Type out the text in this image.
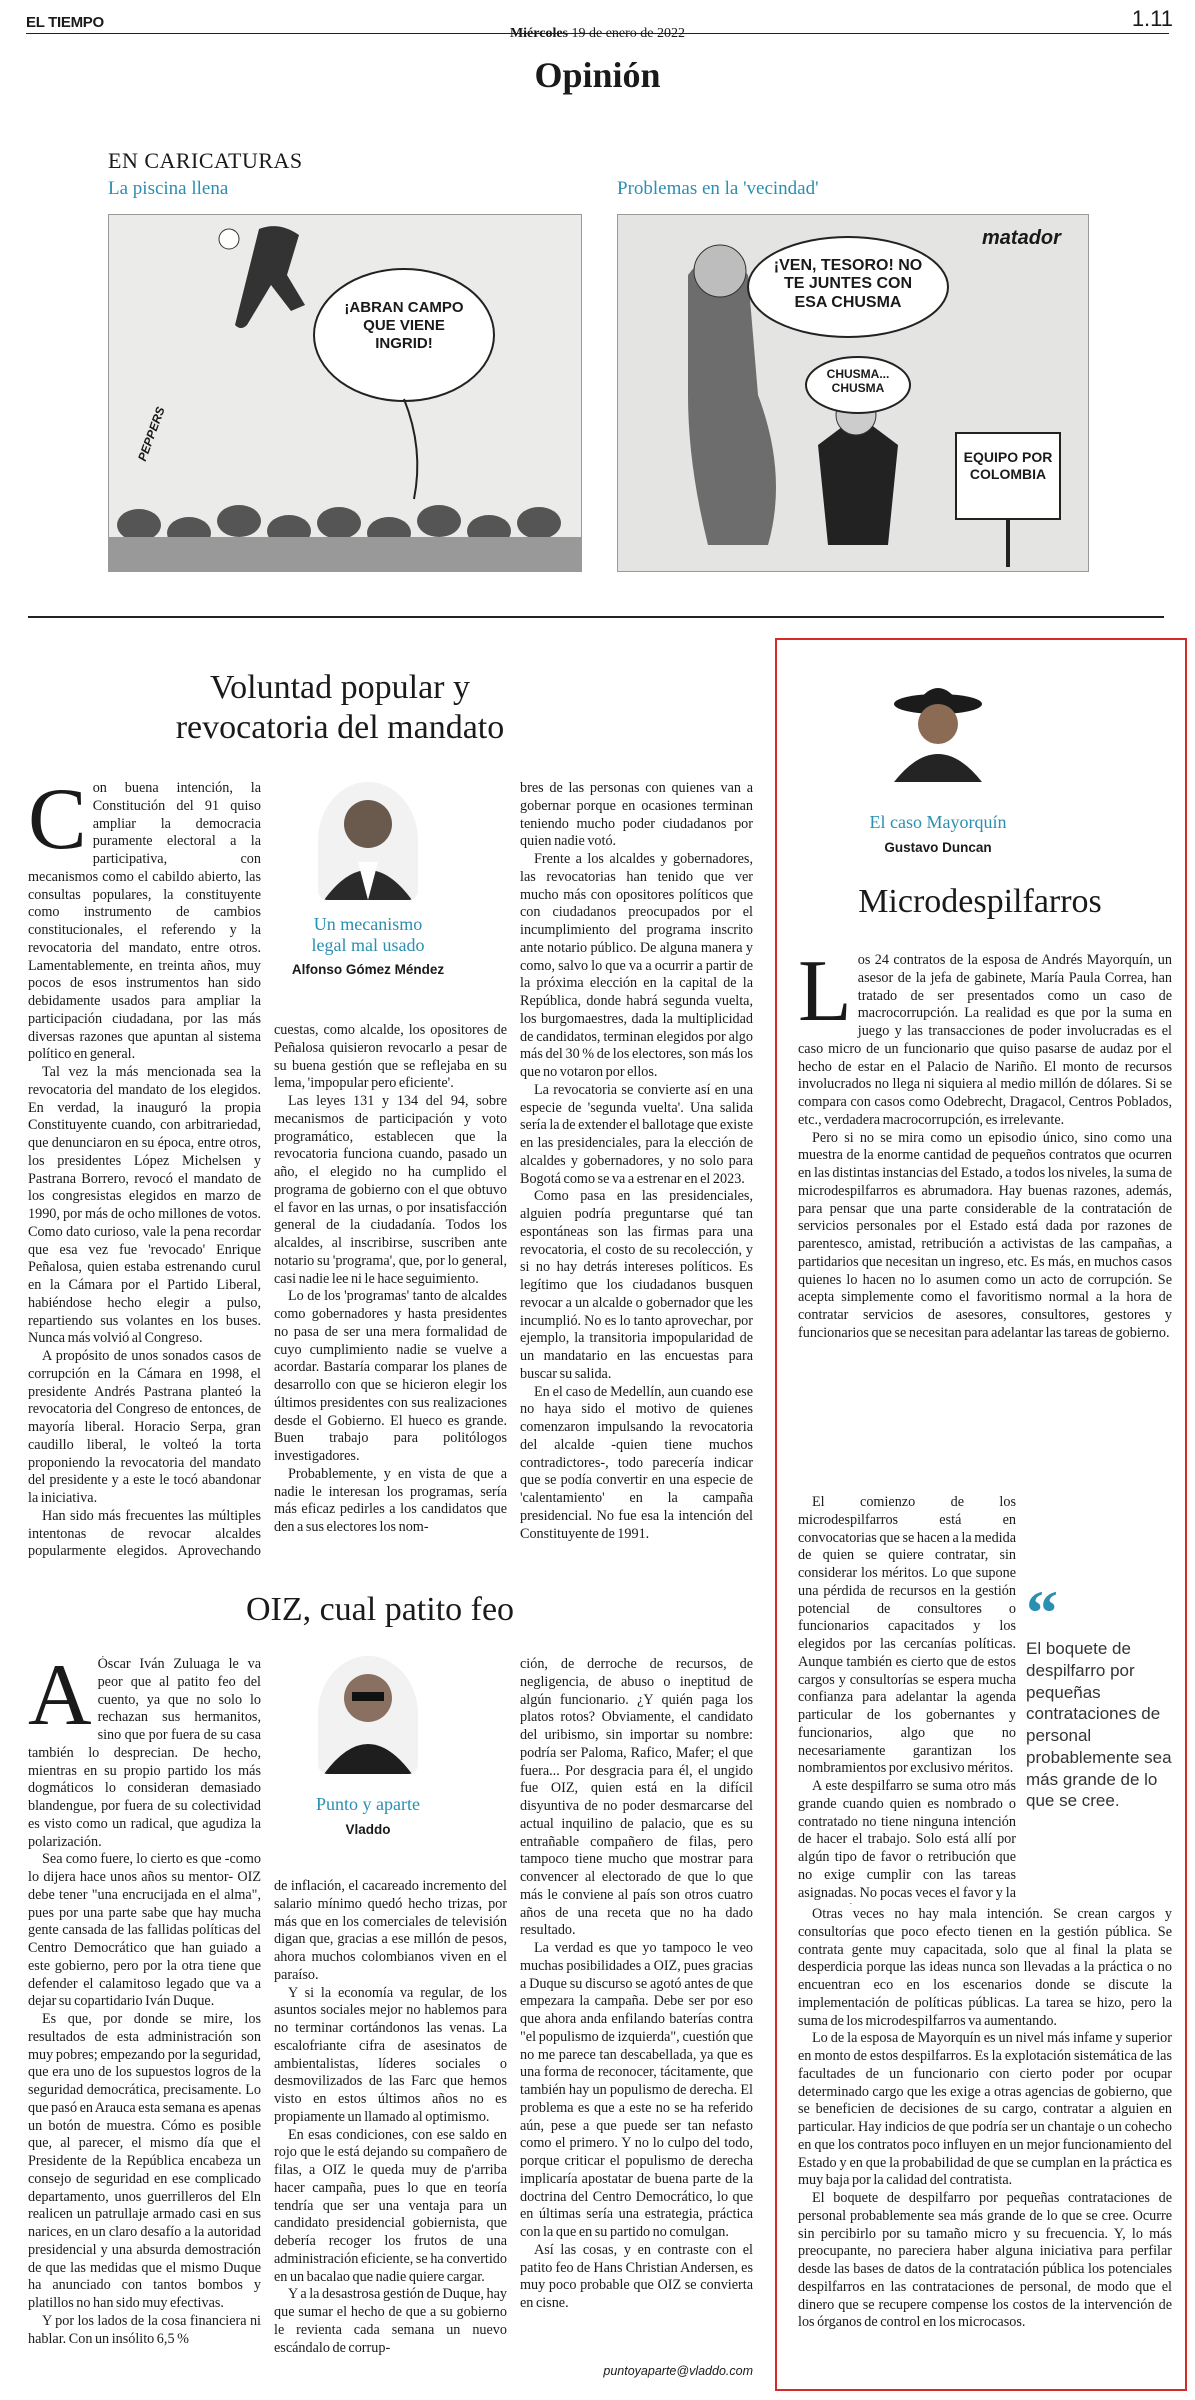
EL TIEMPO
Miércoles 19 de enero de 2022
1.11
Opinión
EN CARICATURAS
La piscina llena	Problemas en la 'vecindad'
¡ABRAN CAMPO QUE VIENE INGRID!
PEPPERS
matador
¡VEN, TESORO! NO TE JUNTES CON ESA CHUSMA
CHUSMA... CHUSMA
EQUIPO POR COLOMBIA
Voluntad popular y revocatoria del mandato
Un mecanismo legal mal usado
Alfonso Gómez Méndez

Con buena intención, la Constitución del 91 quiso ampliar la democracia puramente electoral a la participativa, con mecanismos como el cabildo abierto, las consultas populares, la constituyente como instrumento de cambios constitucionales, el referendo y la revocatoria del mandato, entre otros. Lamentablemente, en treinta años, muy pocos de esos instrumentos han sido debidamente usados para ampliar la participación ciudadana, por las más diversas razones que apuntan al sistema político en general.

Tal vez la más mencionada sea la revocatoria del mandato de los elegidos. En verdad, la inauguró la propia Constituyente cuando, con arbitrariedad, que denunciaron en su época, entre otros, los presidentes López Michelsen y Pastrana Borrero, revocó el mandato de los congresistas elegidos en marzo de 1990, por más de ocho millones de votos. Como dato curioso, vale la pena recordar que esa vez fue 'revocado' Enrique Peñalosa, quien estaba estrenando curul en la Cámara por el Partido Liberal, habiéndose hecho elegir a pulso, repartiendo sus volantes en los buses. Nunca más volvió al Congreso.

A propósito de unos sonados casos de corrupción en la Cámara en 1998, el presidente Andrés Pastrana planteó la revocatoria del Congreso de entonces, de mayoría liberal. Horacio Serpa, gran caudillo liberal, le volteó la torta proponiendo la revocatoria del mandato del presidente y a este le tocó abandonar la iniciativa.

Han sido más frecuentes las múltiples intentonas de revocar alcaldes popularmente elegidos. Aprovechando

cuestas, como alcalde, los opositores de Peñalosa quisieron revocarlo a pesar de su buena gestión que se reflejaba en su lema, 'impopular pero eficiente'.

Las leyes 131 y 134 del 94, sobre mecanismos de participación y voto programático, establecen que la revocatoria funciona cuando, pasado un año, el elegido no ha cumplido el programa de gobierno con el que obtuvo el favor en las urnas, o por insatisfacción general de la ciudadanía. Todos los alcaldes, al inscribirse, suscriben ante notario su 'programa', que, por lo general, casi nadie lee ni le hace seguimiento.

Lo de los 'programas' tanto de alcaldes como gobernadores y hasta presidentes no pasa de ser una mera formalidad de cuyo cumplimiento nadie se vuelve a acordar. Bastaría comparar los planes de desarrollo con que se hicieron elegir los últimos presidentes con sus realizaciones desde el Gobierno. El hueco es grande. Buen trabajo para politólogos investigadores.

Probablemente, y en vista de que a nadie le interesan los programas, sería más eficaz pedirles a los candidatos que den a sus electores los nom-

bres de las personas con quienes van a gobernar porque en ocasiones terminan teniendo mucho poder ciudadanos por quien nadie votó.

Frente a los alcaldes y gobernadores, las revocatorias han tenido que ver mucho más con opositores políticos que con ciudadanos preocupados por el incumplimiento del programa inscrito ante notario público. De alguna manera y como, salvo lo que va a ocurrir a partir de la próxima elección en la capital de la República, donde habrá segunda vuelta, los burgomaestres, dada la multiplicidad de candidatos, terminan elegidos por algo más del 30 % de los electores, son más los que no votaron por ellos.

La revocatoria se convierte así en una especie de 'segunda vuelta'. Una salida sería la de extender el ballotage que existe en las presidenciales, para la elección de alcaldes y gobernadores, y no solo para Bogotá como se va a estrenar en el 2023.

Como pasa en las presidenciales, alguien podría preguntarse qué tan espontáneas son las firmas para una revocatoria, el costo de su recolección, y si no hay detrás intereses políticos. Es legítimo que los ciudadanos busquen revocar a un alcalde o gobernador que les incumplió. No es lo tanto aprovechar, por ejemplo, la transitoria impopularidad de un mandatario en las encuestas para buscar su salida.

En el caso de Medellín, aun cuando ese no haya sido el motivo de quienes comenzaron impulsando la revocatoria del alcalde -quien tiene muchos contradictores-, todo parecería indicar que se podía convertir en una especie de 'calentamiento' en la campaña presidencial. No fue esa la intención del Constituyente de 1991.

OIZ, cual patito feo
Punto y aparte
Vladdo

A Óscar Iván Zuluaga le va peor que al patito feo del cuento, ya que no solo lo rechazan sus hermanitos, sino que por fuera de su casa también lo desprecian. De hecho, mientras en su propio partido los más dogmáticos lo consideran demasiado blandengue, por fuera de su colectividad es visto como un radical, que agudiza la polarización.

Sea como fuere, lo cierto es que -como lo dijera hace unos años su mentor- OIZ debe tener "una encrucijada en el alma", pues por una parte sabe que hay mucha gente cansada de las fallidas políticas del Centro Democrático que han guiado a este gobierno, pero por la otra tiene que defender el calamitoso legado que va a dejar su copartidario Iván Duque.

Es que, por donde se mire, los resultados de esta administración son muy pobres; empezando por la seguridad, que era uno de los supuestos logros de la seguridad democrática, precisamente. Lo que pasó en Arauca esta semana es apenas un botón de muestra. Cómo es posible que, al parecer, el mismo día que el Presidente de la República encabeza un consejo de seguridad en ese complicado departamento, unos guerrilleros del Eln realicen un patrullaje armado casi en sus narices, en un claro desafío a la autoridad presidencial y una absurda demostración de que las medidas que el mismo Duque ha anunciado con tantos bombos y platillos no han sido muy efectivas.

Y por los lados de la cosa financiera ni hablar. Con un insólito 6,5 %

de inflación, el cacareado incremento del salario mínimo quedó hecho trizas, por más que en los comerciales de televisión digan que, gracias a ese millón de pesos, ahora muchos colombianos viven en el paraíso.

Y si la economía va regular, de los asuntos sociales mejor no hablemos para no terminar cortándonos las venas. La escalofriante cifra de asesinatos de ambientalistas, líderes sociales o desmovilizados de las Farc que hemos visto en estos últimos años no es propiamente un llamado al optimismo.

En esas condiciones, con ese saldo en rojo que le está dejando su compañero de filas, a OIZ le queda muy de p'arriba hacer campaña, pues lo que en teoría tendría que ser una ventaja para un candidato presidencial gobiernista, que debería recoger los frutos de una administración eficiente, se ha convertido en un bacalao que nadie quiere cargar.

Y a la desastrosa gestión de Duque, hay que sumar el hecho de que a su gobierno le revienta cada semana un nuevo escándalo de corrup-

ción, de derroche de recursos, de negligencia, de abuso o ineptitud de algún funcionario. ¿Y quién paga los platos rotos? Obviamente, el candidato del uribismo, sin importar su nombre: podría ser Paloma, Rafico, Mafer; el que fuera... Por desgracia para él, el ungido fue OIZ, quien está en la difícil disyuntiva de no poder desmarcarse del actual inquilino de palacio, que es su entrañable compañero de filas, pero tampoco tiene mucho que mostrar para convencer al electorado de que lo que más le conviene al país son otros cuatro años de una receta que no ha dado resultado.

La verdad es que yo tampoco le veo muchas posibilidades a OIZ, pues gracias a Duque su discurso se agotó antes de que empezara la campaña. Debe ser por eso que ahora anda enfilando baterías contra "el populismo de izquierda", cuestión que no me parece tan descabellada, ya que es una forma de reconocer, tácitamente, que también hay un populismo de derecha. El problema es que a este no se ha referido aún, pese a que puede ser tan nefasto como el primero. Y no lo culpo del todo, porque criticar el populismo de derecha implicaría apostatar de buena parte de la doctrina del Centro Democrático, lo que en últimas sería una estrategia, práctica con la que en su partido no comulgan.

Así las cosas, y en contraste con el patito feo de Hans Christian Andersen, es muy poco probable que OIZ se convierta en cisne.

puntoyaparte@vladdo.com
El caso Mayorquín
Gustavo Duncan
Microdespilfarros

Los 24 contratos de la esposa de Andrés Mayorquín, un asesor de la jefa de gabinete, María Paula Correa, han tratado de ser presentados como un caso de macrocorrupción. La realidad es que por la suma en juego y las transacciones de poder involucradas es el caso micro de un funcionario que quiso pasarse de audaz por el hecho de estar en el Palacio de Nariño. El monto de recursos involucrados no llega ni siquiera al medio millón de dólares. Si se compara con casos como Odebrecht, Dragacol, Centros Poblados, etc., verdadera macrocorrupción, es irrelevante.

Pero si no se mira como un episodio único, sino como una muestra de la enorme cantidad de pequeños contratos que ocurren en las distintas instancias del Estado, a todos los niveles, la suma de microdespilfarros es abrumadora. Hay buenas razones, además, para pensar que una parte considerable de la contratación de servicios personales por el Estado está dada por razones de parentesco, amistad, retribución a activistas de las campañas, a partidarios que necesitan un ingreso, etc. Es más, en muchos casos quienes lo hacen no lo asumen como un acto de corrupción. Se acepta simplemente como el favoritismo normal a la hora de contratar servicios de asesores, consultores, gestores y funcionarios que se necesitan para adelantar las tareas de gobierno.

El comienzo de los microdespilfarros está en convocatorias que se hacen a la medida de quien se quiere contratar, sin considerar los méritos. Lo que supone una pérdida de recursos en la gestión potencial de consultores o funcionarios capacitados y los elegidos por las cercanías políticas. Aunque también es cierto que de estos cargos y consultorías se espera mucha confianza para adelantar la agenda particular de los gobernantes y funcionarios, algo que no necesariamente garantizan los nombramientos por exclusivo méritos.

A este despilfarro se suma otro más grande cuando quien es nombrado o contratado no tiene ninguna intención de hacer el trabajo. Solo está allí por algún tipo de favor o retribución que no exige cumplir con las tareas asignadas. No pocas veces el favor y la

“
El boquete de despilfarro por pequeñas contrataciones de personal probablemente sea más grande de lo que se cree.

Otras veces no hay mala intención. Se crean cargos y consultorías que poco efecto tienen en la gestión pública. Se contrata gente muy capacitada, solo que al final la plata se desperdicia porque las ideas nunca son llevadas a la práctica o no encuentran eco en los escenarios donde se discute la implementación de políticas públicas. La tarea se hizo, pero la suma de los microdespilfarros va aumentando.

Lo de la esposa de Mayorquín es un nivel más infame y superior en monto de estos despilfarros. Es la explotación sistemática de las facultades de un funcionario con cierto poder por ocupar determinado cargo que les exige a otras agencias de gobierno, que se beneficien de decisiones de su cargo, contratar a alguien en particular. Hay indicios de que podría ser un chantaje o un cohecho en que los contratos poco influyen en un mejor funcionamiento del Estado y en que la probabilidad de que se cumplan en la práctica es muy baja por la calidad del contratista.

El boquete de despilfarro por pequeñas contrataciones de personal probablemente sea más grande de lo que se cree. Ocurre sin percibirlo por su tamaño micro y su frecuencia. Y, lo más preocupante, no pareciera haber alguna iniciativa para perfilar desde las bases de datos de la contratación pública los potenciales despilfarros en las contrataciones de personal, de modo que el dinero que se recupere compense los costos de la intervención de los órganos de control en los microcasos.
